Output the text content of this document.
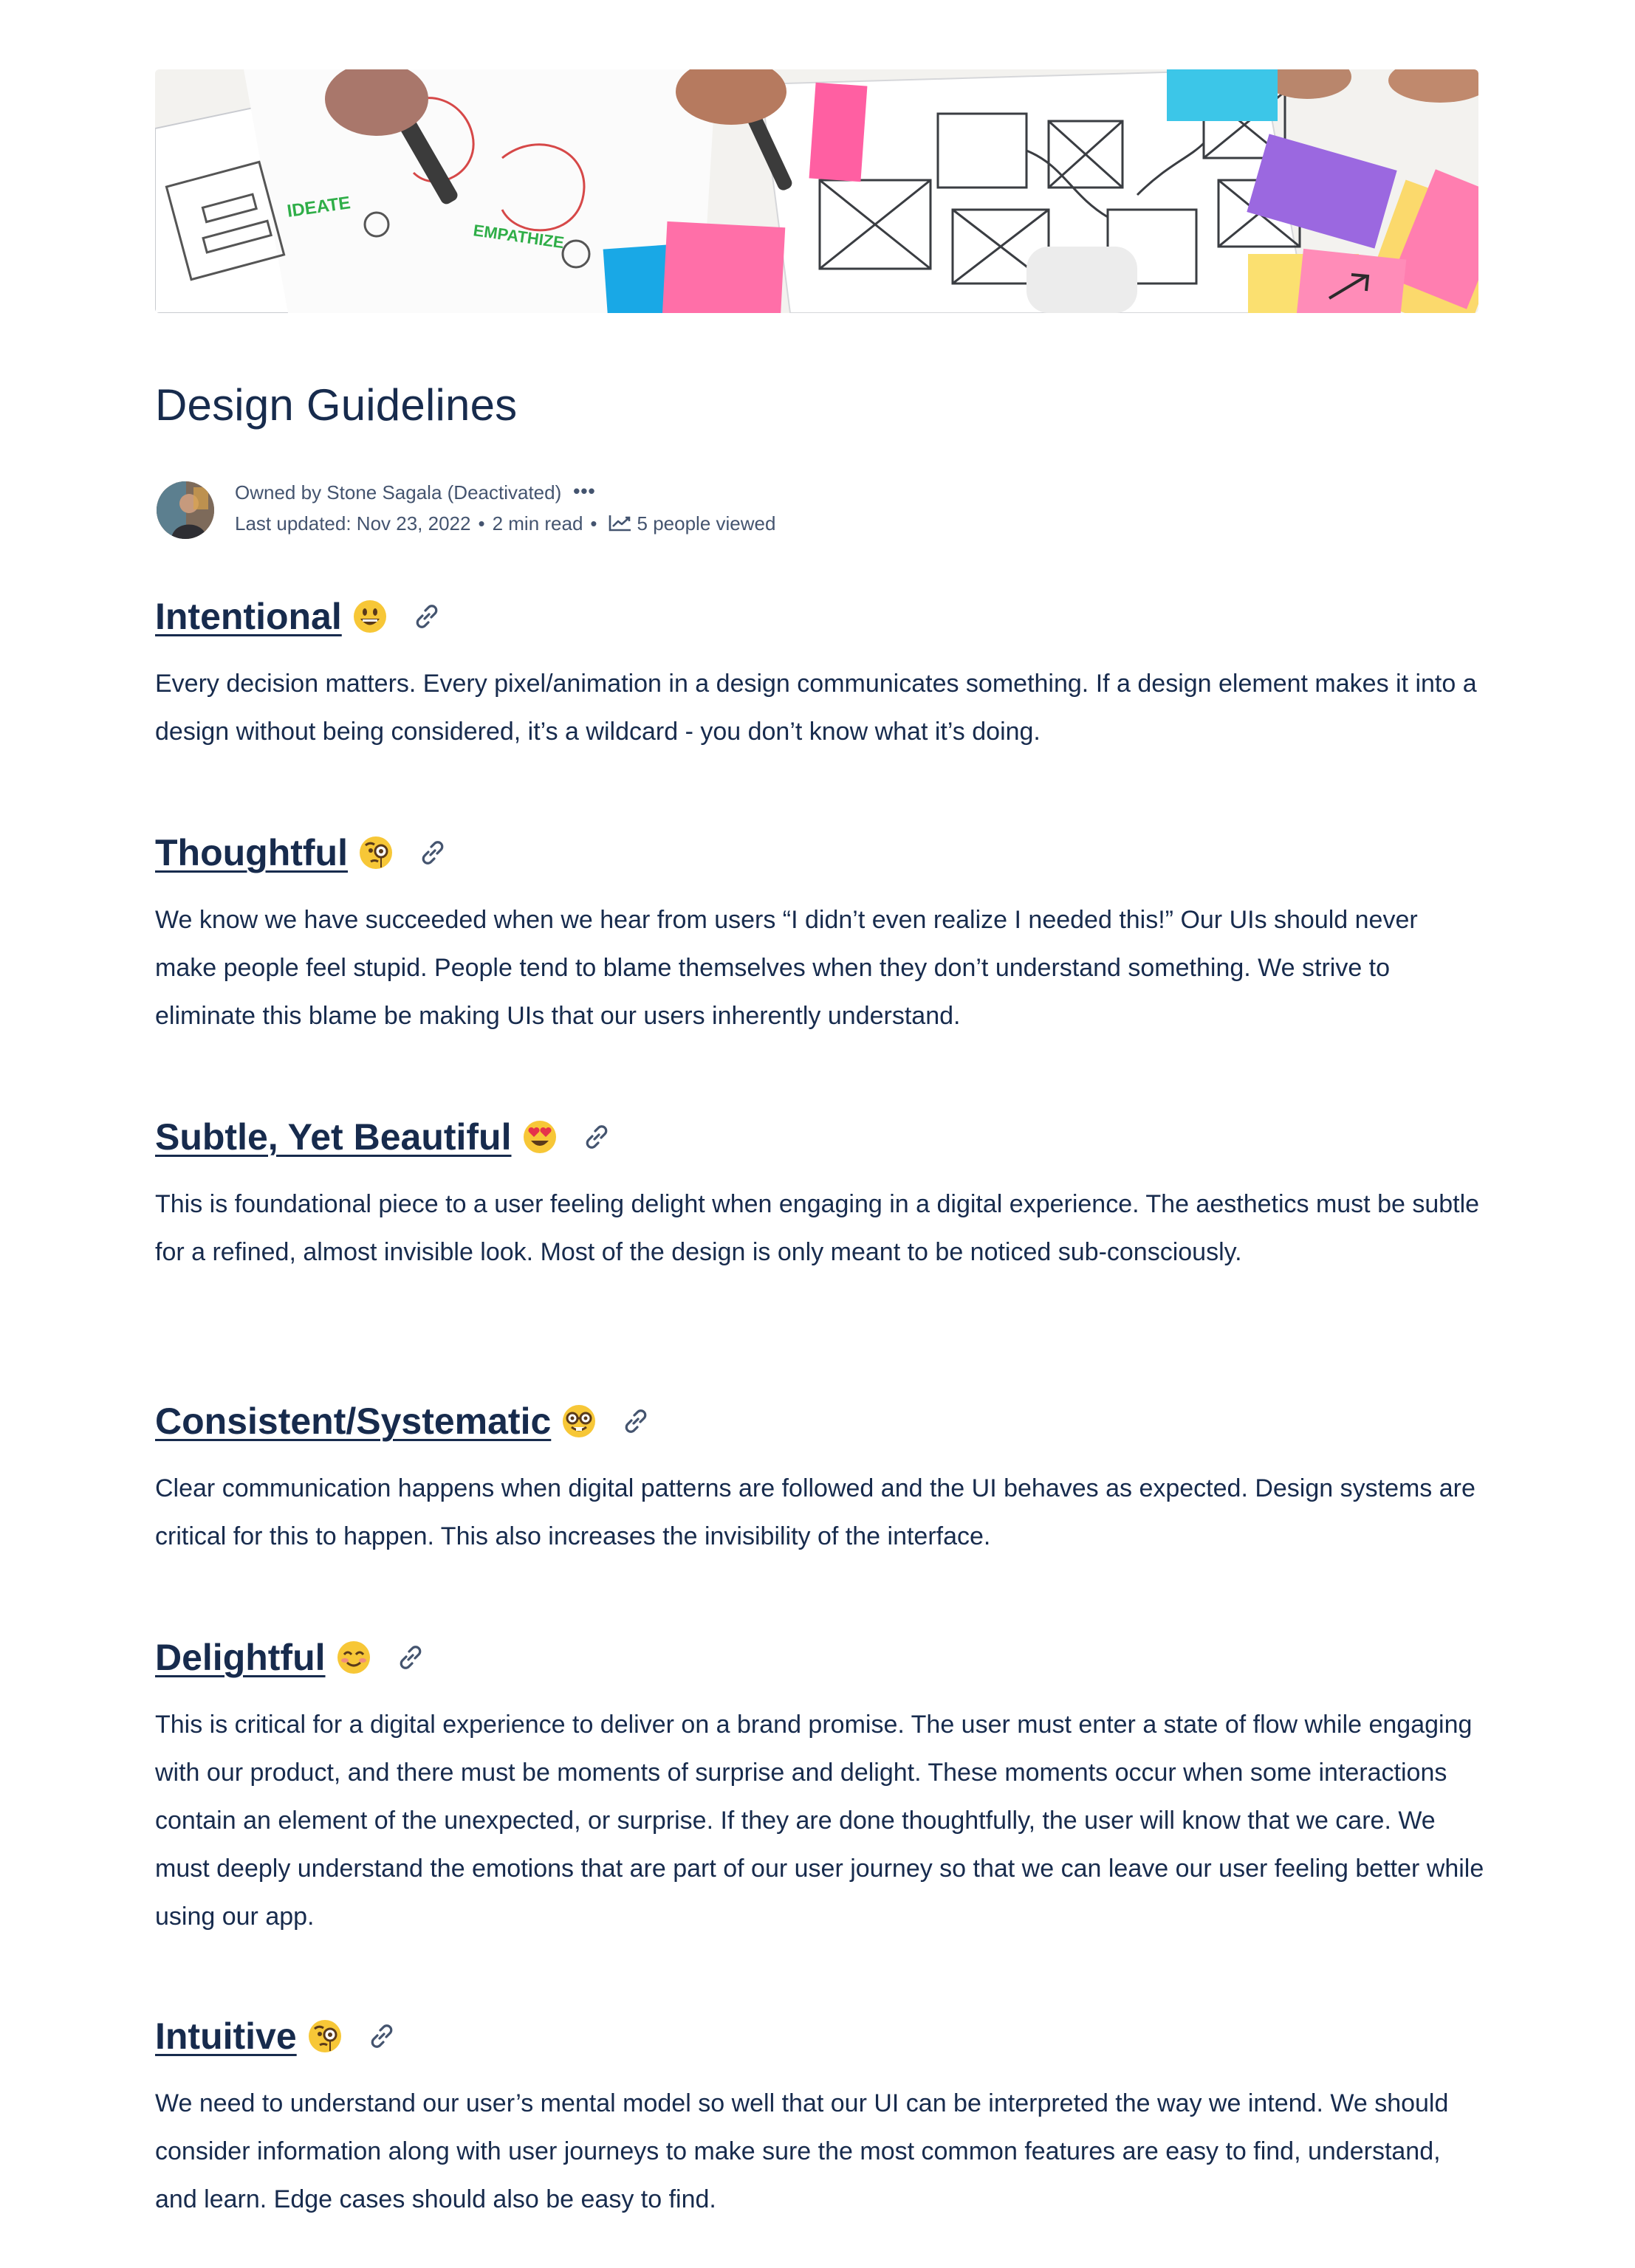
IDEATE
EMPATHIZE
Design Guidelines
Owned by Stone Sagala (Deactivated) •••
Last updated: Nov 23, 2022 • 2 min read • 5 people viewed
Intentional

Every decision matters. Every pixel/animation in a design communicates something. If a design element makes it into a design without being considered, it’s a wildcard - you don’t know what it’s doing.

Thoughtful

We know we have succeeded when we hear from users “I didn’t even realize I needed this!” Our UIs should never make people feel stupid. People tend to blame themselves when they don’t understand something. We strive to eliminate this blame be making UIs that our users inherently understand.

Subtle, Yet Beautiful

This is foundational piece to a user feeling delight when engaging in a digital experience. The aesthetics must be subtle for a refined, almost invisible look. Most of the design is only meant to be noticed sub-consciously.

Consistent/Systematic

Clear communication happens when digital patterns are followed and the UI behaves as expected. Design systems are critical for this to happen. This also increases the invisibility of the interface.

Delightful

This is critical for a digital experience to deliver on a brand promise. The user must enter a state of flow while engaging with our product, and there must be moments of surprise and delight. These moments occur when some interactions contain an element of the unexpected, or surprise. If they are done thoughtfully, the user will know that we care. We must deeply understand the emotions that are part of our user journey so that we can leave our user feeling better while using our app.

Intuitive

We need to understand our user’s mental model so well that our UI can be interpreted the way we intend. We should consider information along with user journeys to make sure the most common features are easy to find, understand, and learn. Edge cases should also be easy to find.
